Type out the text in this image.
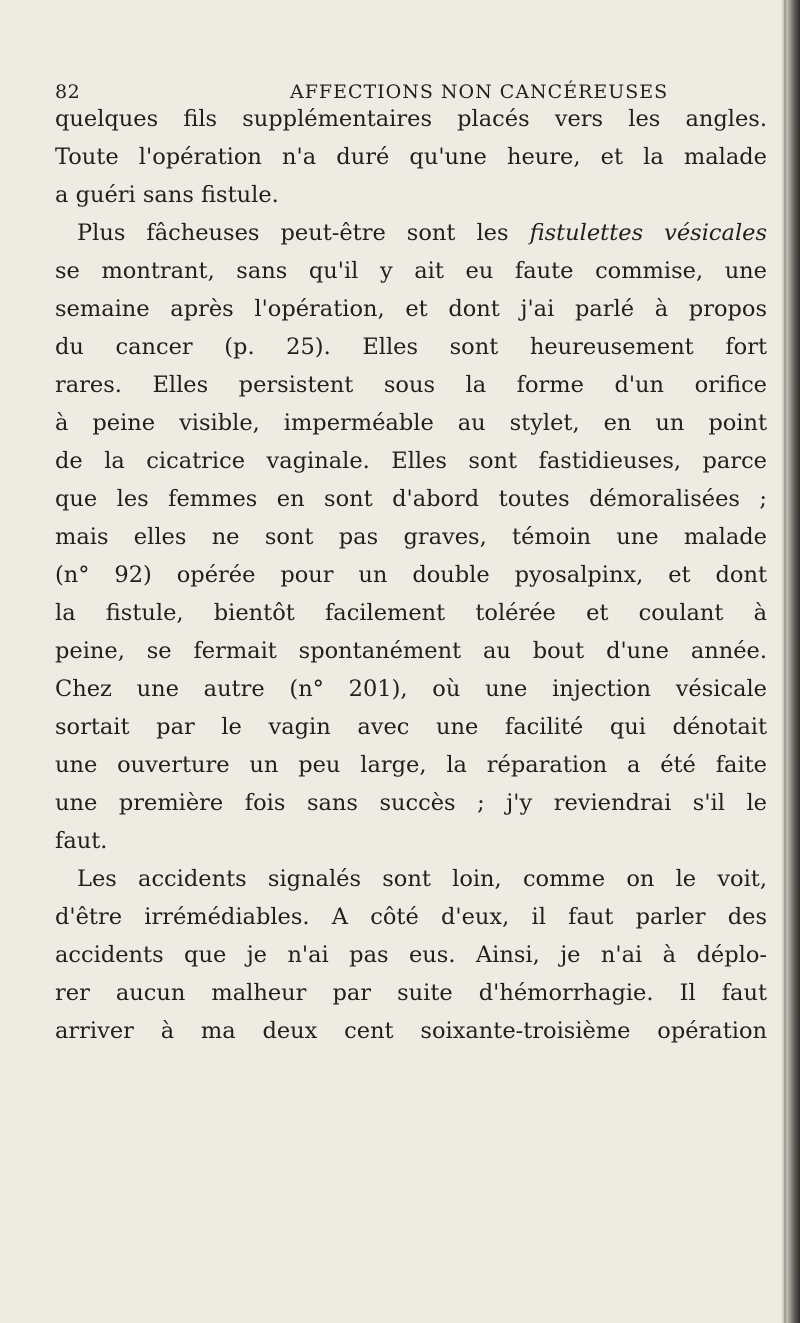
82	AFFECTIONS NON CANCÉREUSES
quelques fils supplémentaires placés vers les angles.
Toute l'opération n'a duré qu'une heure, et la malade
a guéri sans fistule.
Plus fâcheuses peut-être sont les fistulettes vésicales
se montrant, sans qu'il y ait eu faute commise, une
semaine après l'opération, et dont j'ai parlé à propos
du cancer (p. 25). Elles sont heureusement fort
rares. Elles persistent sous la forme d'un orifice
à peine visible, imperméable au stylet, en un point
de la cicatrice vaginale. Elles sont fastidieuses, parce
que les femmes en sont d'abord toutes démoralisées ;
mais elles ne sont pas graves, témoin une malade
(n° 92) opérée pour un double pyosalpinx, et dont
la fistule, bientôt facilement tolérée et coulant à
peine, se fermait spontanément au bout d'une année.
Chez une autre (n° 201), où une injection vésicale
sortait par le vagin avec une facilité qui dénotait
une ouverture un peu large, la réparation a été faite
une première fois sans succès ; j'y reviendrai s'il le
faut.
Les accidents signalés sont loin, comme on le voit,
d'être irrémédiables. A côté d'eux, il faut parler des
accidents que je n'ai pas eus. Ainsi, je n'ai à déplo-
rer aucun malheur par suite d'hémorrhagie. Il faut
arriver à ma deux cent soixante-troisième opération
